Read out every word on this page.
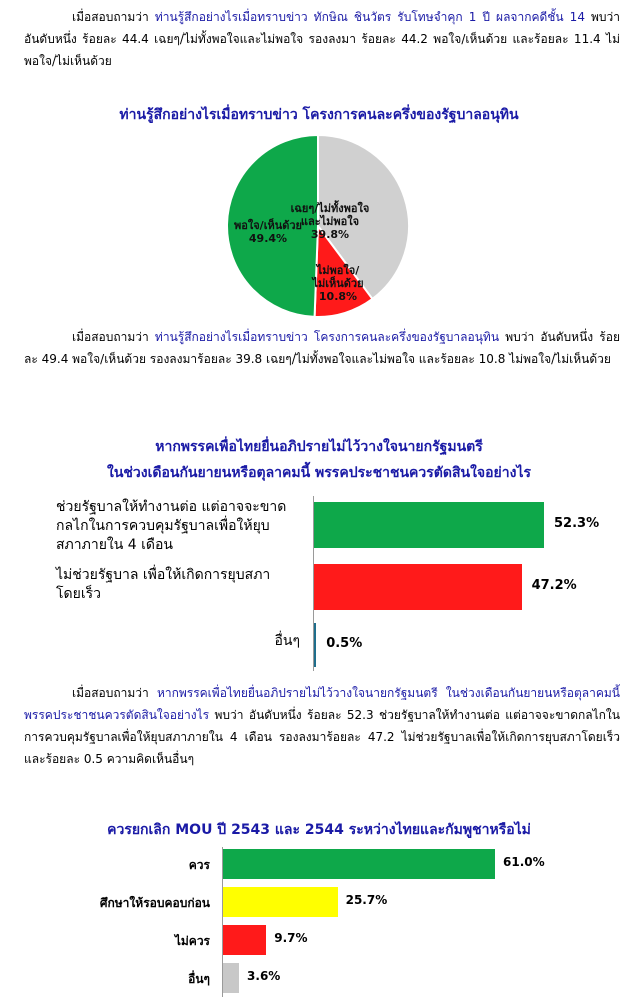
เมื่อสอบถามว่า ท่านรู้สึกอย่างไรเมื่อทราบข่าว ทักษิณ ชินวัตร รับโทษจำคุก 1 ปี ผลจากคดีชั้น 14 พบว่า อันดับหนึ่ง ร้อยละ 44.4 เฉยๆ/ไม่ทั้งพอใจและไม่พอใจ รองลงมา ร้อยละ 44.2 พอใจ/เห็นด้วย และร้อยละ 11.4 ไม่พอใจ/ไม่เห็นด้วย

ท่านรู้สึกอย่างไรเมื่อทราบข่าว โครงการคนละครึ่งของรัฐบาลอนุทิน
เฉยๆ/ไม่ทั้งพอใจ
และไม่พอใจ
39.8%
ไม่พอใจ/
ไม่เห็นด้วย
10.8%
พอใจ/เห็นด้วย
49.4%

เมื่อสอบถามว่า ท่านรู้สึกอย่างไรเมื่อทราบข่าว โครงการคนละครึ่งของรัฐบาลอนุทิน พบว่า อันดับหนึ่ง ร้อยละ 49.4 พอใจ/เห็นด้วย รองลงมาร้อยละ 39.8 เฉยๆ/ไม่ทั้งพอใจและไม่พอใจ และร้อยละ 10.8 ไม่พอใจ/ไม่เห็นด้วย

หากพรรคเพื่อไทยยื่นอภิปรายไม่ไว้วางใจนายกรัฐมนตรี
ในช่วงเดือนกันยายนหรือตุลาคมนี้ พรรคประชาชนควรตัดสินใจอย่างไร
ช่วยรัฐบาลให้ทำงานต่อ แต่อาจจะขาด
กลไกในการควบคุมรัฐบาลเพื่อให้ยุบ
สภาภายใน 4 เดือน
52.3%
ไม่ช่วยรัฐบาล เพื่อให้เกิดการยุบสภา
โดยเร็ว
47.2%
อื่นๆ 0.5%

เมื่อสอบถามว่า หากพรรคเพื่อไทยยื่นอภิปรายไม่ไว้วางใจนายกรัฐมนตรี ในช่วงเดือนกันยายนหรือตุลาคมนี้ พรรคประชาชนควรตัดสินใจอย่างไร พบว่า อันดับหนึ่ง ร้อยละ 52.3 ช่วยรัฐบาลให้ทำงานต่อ แต่อาจจะขาดกลไกในการควบคุมรัฐบาลเพื่อให้ยุบสภาภายใน 4 เดือน รองลงมาร้อยละ 47.2 ไม่ช่วยรัฐบาลเพื่อให้เกิดการยุบสภาโดยเร็ว และร้อยละ 0.5 ความคิดเห็นอื่นๆ

ควรยกเลิก MOU ปี 2543 และ 2544 ระหว่างไทยและกัมพูชาหรือไม่
ควร	61.0%
ศึกษาให้รอบคอบก่อน	25.7%
ไม่ควร	9.7%
อื่นๆ	3.6%
